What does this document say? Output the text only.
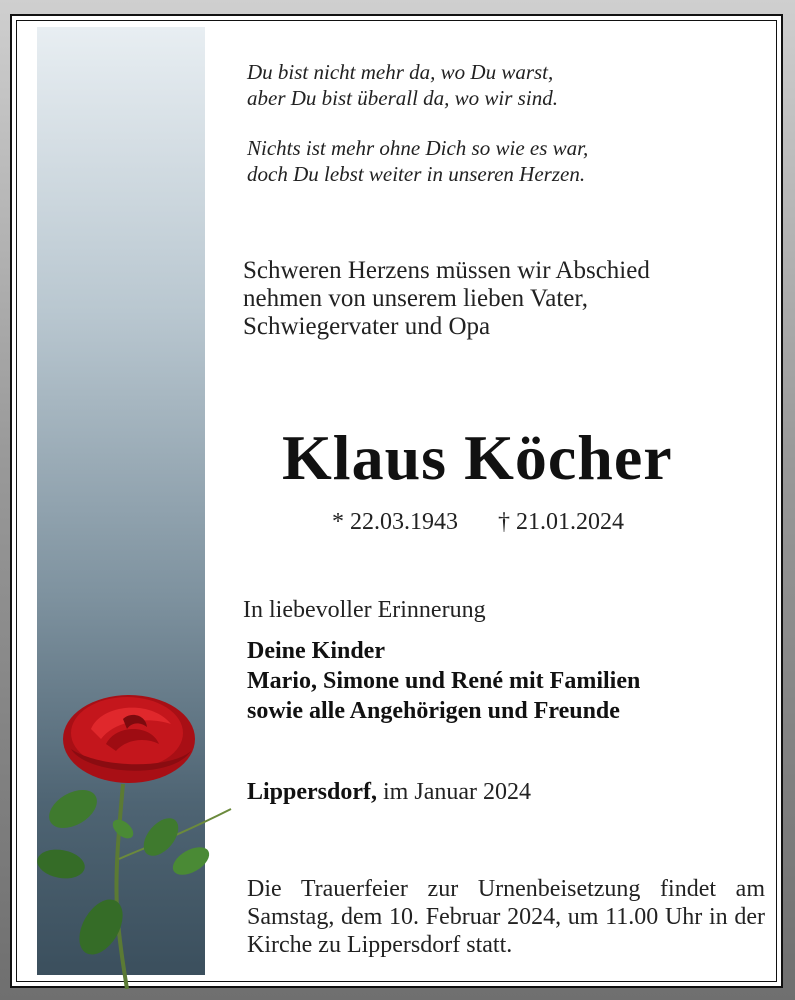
Du bist nicht mehr da, wo Du warst,
aber Du bist überall da, wo wir sind.

Nichts ist mehr ohne Dich so wie es war,
doch Du lebst weiter in unseren Herzen.

Schweren Herzens müssen wir Abschied
nehmen von unserem lieben Vater,
Schwiegervater und Opa
Klaus Köcher
* 22.03.1943 † 21.01.2024
In liebevoller Erinnerung
Deine Kinder
Mario, Simone und René mit Familien
sowie alle Angehörigen und Freunde
Lippersdorf, im Januar 2024
Die Trauerfeier zur Urnenbeisetzung findet am Samstag, dem 10. Februar 2024, um 11.00 Uhr in der Kirche zu Lippersdorf statt.
